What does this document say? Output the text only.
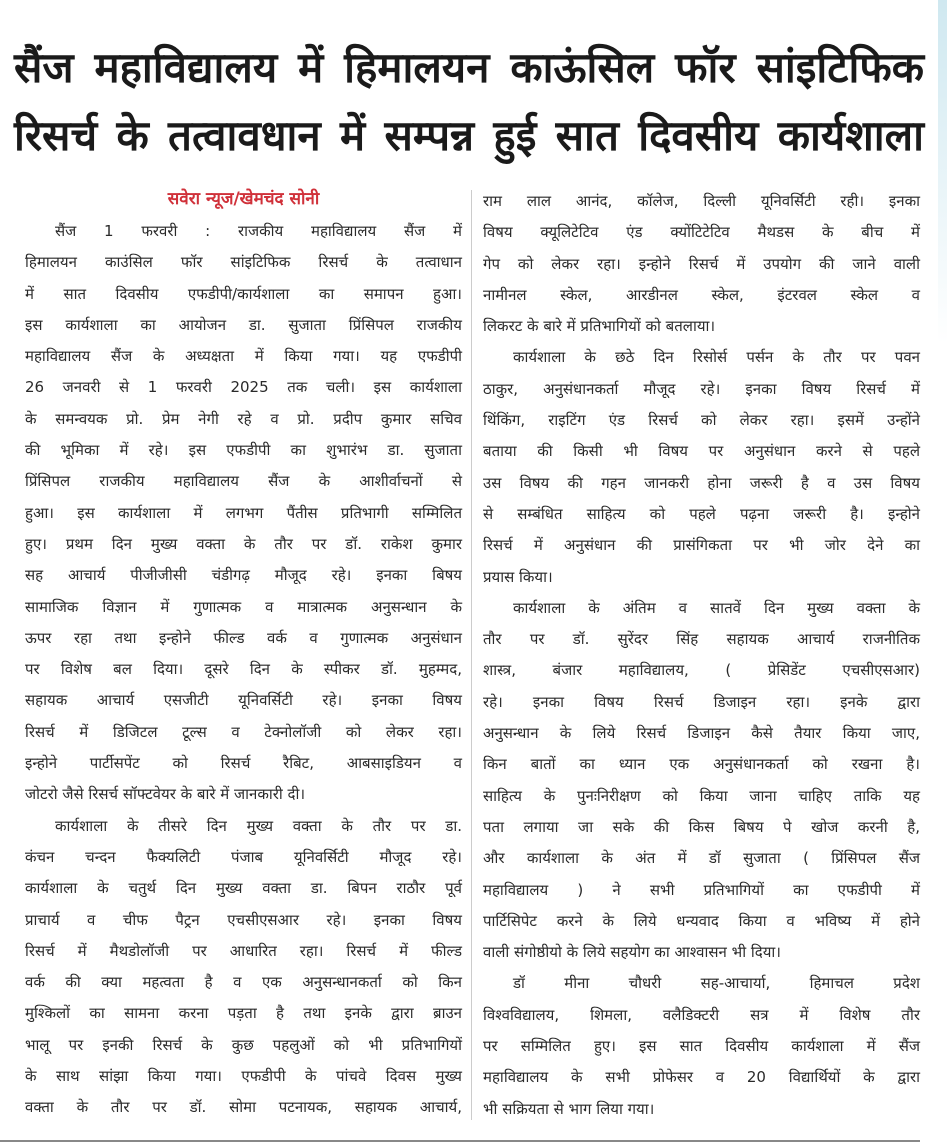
सैंज महाविद्यालय में हिमालयन काऊंसिल फॉर सांइटिफिक
रिसर्च के तत्वावधान में सम्पन्न हुई सात दिवसीय कार्यशाला
सवेरा न्यूज/खेमचंद सोनी
सैंज 1 फरवरी : राजकीय महाविद्यालय सैंज में
हिमालयन काउंसिल फॉर सांइटिफिक रिसर्च के तत्वाधान
में सात दिवसीय एफडीपी/कार्यशाला का समापन हुआ।
इस कार्यशाला का आयोजन डा. सुजाता प्रिंसिपल राजकीय
महाविद्यालय सैंज के अध्यक्षता में किया गया। यह एफडीपी
26 जनवरी से 1 फरवरी 2025 तक चली। इस कार्यशाला
के समन्वयक प्रो. प्रेम नेगी रहे व प्रो. प्रदीप कुमार सचिव
की भूमिका में रहे। इस एफडीपी का शुभारंभ डा. सुजाता
प्रिंसिपल राजकीय महाविद्यालय सैंज के आशीर्वाचनों से
हुआ। इस कार्यशाला में लगभग पैंतीस प्रतिभागी सम्मिलित
हुए। प्रथम दिन मुख्य वक्ता के तौर पर डॉ. राकेश कुमार
सह आचार्य पीजीजीसी चंडीगढ़ मौजूद रहे। इनका बिषय
सामाजिक विज्ञान में गुणात्मक व मात्रात्मक अनुसन्धान के
ऊपर रहा तथा इन्होने फील्ड वर्क व गुणात्मक अनुसंधान
पर विशेष बल दिया। दूसरे दिन के स्पीकर डॉ. मुहम्मद,
सहायक आचार्य एसजीटी यूनिवर्सिटी रहे। इनका विषय
रिसर्च में डिजिटल टूल्स व टेक्नोलॉजी को लेकर रहा।
इन्होने पार्टीसपेंट को रिसर्च रैबिट, आबसाइडियन व
जोटरो जैसे रिसर्च सॉफ्टवेयर के बारे में जानकारी दी।
कार्यशाला के तीसरे दिन मुख्य वक्ता के तौर पर डा.
कंचन चन्दन फैक्यलिटी पंजाब यूनिवर्सिटी मौजूद रहे।
कार्यशाला के चतुर्थ दिन मुख्य वक्ता डा. बिपन राठौर पूर्व
प्राचार्य व चीफ पैट्रन एचसीएसआर रहे। इनका विषय
रिसर्च में मैथडोलॉजी पर आधारित रहा। रिसर्च में फील्ड
वर्क की क्या महत्वता है व एक अनुसन्धानकर्ता को किन
मुश्किलों का सामना करना पड़ता है तथा इनके द्वारा ब्राउन
भालू पर इनकी रिसर्च के कुछ पहलुओं को भी प्रतिभागियों
के साथ सांझा किया गया। एफडीपी के पांचवे दिवस मुख्य
वक्ता के तौर पर डॉ. सोमा पटनायक, सहायक आचार्य,
राम लाल आनंद, कॉलेज, दिल्ली यूनिवर्सिटी रही। इनका
विषय क्यूलिटेटिव एंड क्योंटिटेटिव मैथडस के बीच में
गेप को लेकर रहा। इन्होने रिसर्च में उपयोग की जाने वाली
नामीनल स्केल, आरडीनल स्केल, इंटरवल स्केल व
लिकरट के बारे में प्रतिभागियों को बतलाया।
कार्यशाला के छठे दिन रिसोर्स पर्सन के तौर पर पवन
ठाकुर, अनुसंधानकर्ता मौजूद रहे। इनका विषय रिसर्च में
थिंकिंग, राइटिंग एंड रिसर्च को लेकर रहा। इसमें उन्होंने
बताया की किसी भी विषय पर अनुसंधान करने से पहले
उस विषय की गहन जानकरी होना जरूरी है व उस विषय
से सम्बंधित साहित्य को पहले पढ़ना जरूरी है। इन्होने
रिसर्च में अनुसंधान की प्रासंगिकता पर भी जोर देने का
प्रयास किया।
कार्यशाला के अंतिम व सातवें दिन मुख्य वक्ता के
तौर पर डॉ. सुरेंदर सिंह सहायक आचार्य राजनीतिक
शास्त्र, बंजार महाविद्यालय, ( प्रेसिडेंट एचसीएसआर)
रहे। इनका विषय रिसर्च डिजाइन रहा। इनके द्वारा
अनुसन्धान के लिये रिसर्च डिजाइन कैसे तैयार किया जाए,
किन बातों का ध्यान एक अनुसंधानकर्ता को रखना है।
साहित्य के पुनःनिरीक्षण को किया जाना चाहिए ताकि यह
पता लगाया जा सके की किस बिषय पे खोज करनी है,
और कार्यशाला के अंत में डॉ सुजाता ( प्रिंसिपल सैंज
महाविद्यालय ) ने सभी प्रतिभागियों का एफडीपी में
पार्टिसिपेट करने के लिये धन्यवाद किया व भविष्य में होने
वाली संगोष्ठीयो के लिये सहयोग का आश्वासन भी दिया।
डॉ मीना चौधरी सह-आचार्या, हिमाचल प्रदेश
विश्वविद्यालय, शिमला, वलैडिक्टरी सत्र में विशेष तौर
पर सम्मिलित हुए। इस सात दिवसीय कार्यशाला में सैंज
महाविद्यालय के सभी प्रोफेसर व 20 विद्यार्थियों के द्वारा
भी सक्रियता से भाग लिया गया।
